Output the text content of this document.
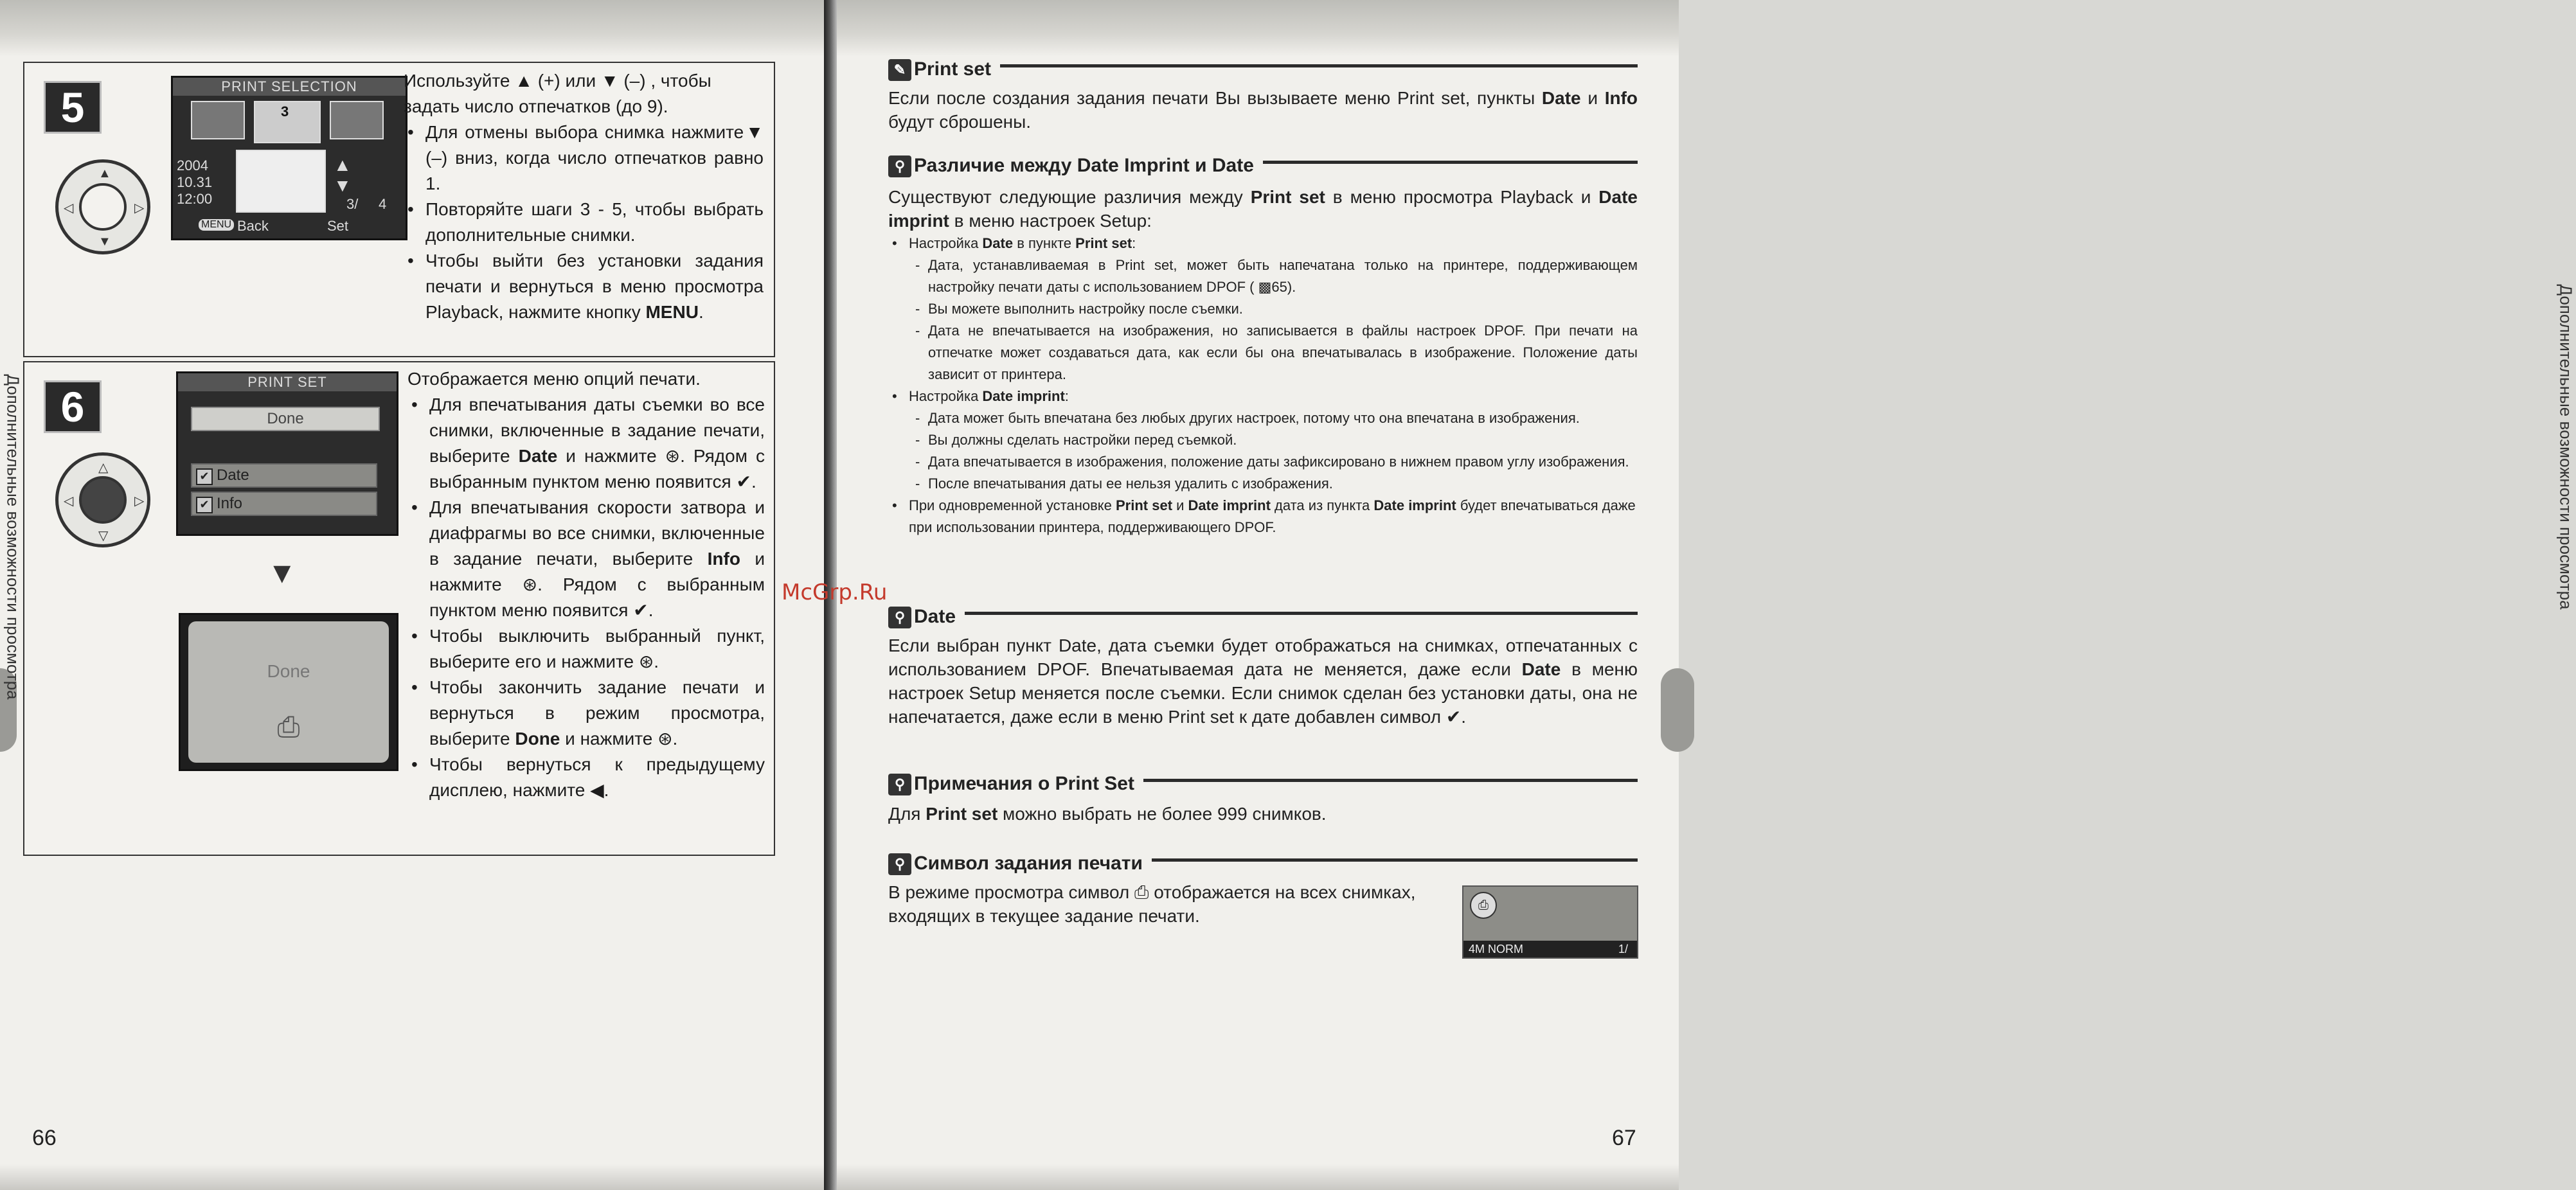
Дополнительные возможности просмотра
5
▲
▼
◁	▷
PRINT SELECTION
3
2004
10.31
12:00
▲
▼
3/ 4
MENU Back	Set

Используйте ▲ (+) или ▼ (–) , чтобы задать число отпечатков (до 9).

• Для отмены выбора снимка нажмите▼ (–) вниз, когда число отпечатков равно 1.
• Повторяйте шаги 3 - 5, чтобы выбрать дополнительные снимки.
• Чтобы выйти без установки задания печати и вернуться в меню просмотра Playback, нажмите кнопку MENU.
6
△
▽
◁	▷
PRINT SET
Done
✔ Date
✔ Info
▼
Done
⎙

Отображается меню опций печати.

• Для впечатывания даты съемки во все снимки, включенные в задание печати, выберите Date и нажмите ⊛. Рядом с выбранным пунктом меню появится ✔.
• Для впечатывания скорости затвора и диафрагмы во все снимки, включенные в задание печати, выберите Info и нажмите ⊛. Рядом с выбранным пунктом меню появится ✔.
• Чтобы выключить выбранный пункт, выберите его и нажмите ⊛.
• Чтобы закончить задание печати и вернуться в режим просмотра, выберите Done и нажмите ⊛.
• Чтобы вернуться к предыдущему дисплею, нажмите ◀.
66
Дополнительные возможности просмотра
✎ Print set

Если после создания задания печати Вы вызываете меню Print set, пункты Date и Info будут сброшены.

⚲ Различие между Date Imprint и Date

Существуют следующие различия между Print set в меню просмотра Playback и Date imprint в меню настроек Setup:

• Настройка Date в пункте Print set:
- Дата, устанавливаемая в Print set, может быть напечатана только на принтере, поддерживающем настройку печати даты с использованием DPOF ( ▩65).
- Вы можете выполнить настройку после съемки.
- Дата не впечатывается на изображения, но записывается в файлы настроек DPOF. При печати на отпечатке может создаваться дата, как если бы она впечатывалась в изображение. Положение даты зависит от принтера.
• Настройка Date imprint:
- Дата может быть впечатана без любых других настроек, потому что она впечатана в изображения.
- Вы должны сделать настройки перед съемкой.
- Дата впечатывается в изображения, положение даты зафиксировано в нижнем правом углу изображения.
- После впечатывания даты ее нельзя удалить с изображения.
• При одновременной установке Print set и Date imprint дата из пункта Date imprint будет впечатываться даже при использовании принтера, поддерживающего DPOF.
⚲ Date

Если выбран пункт Date, дата съемки будет отображаться на снимках, отпечатанных с использованием DPOF. Впечатываемая дата не меняется, даже если Date в меню настроек Setup меняется после съемки. Если снимок сделан без установки даты, она не напечатается, даже если в меню Print set к дате добавлен символ ✔.

⚲ Примечания о Print Set

Для Print set можно выбрать не более 999 снимков.

⚲ Символ задания печати
В режиме просмотра символ ⎙ отображается на всех снимках, входящих в текущее задание печати.
⎙
4M NORM	1/
67
McGrp.Ru
